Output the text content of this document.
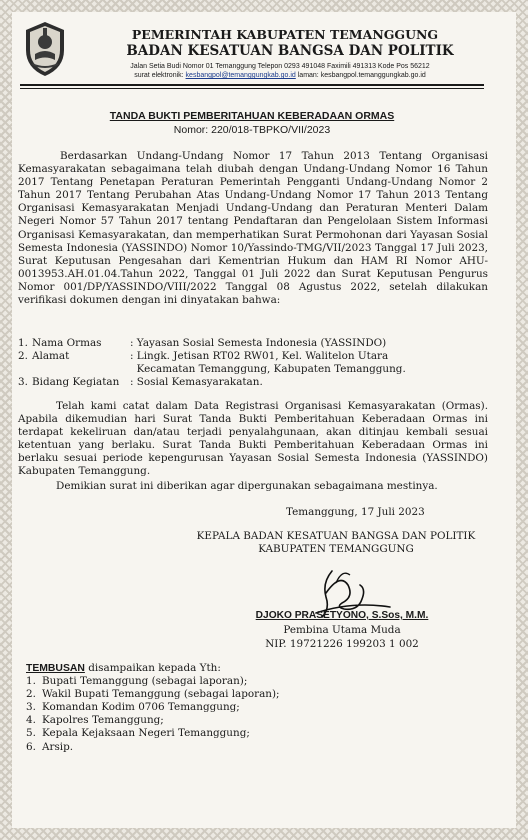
PEMERINTAH KABUPATEN TEMANGGUNG
BADAN KESATUAN BANGSA DAN POLITIK
Jalan Setia Budi Nomor 01 Temanggung Telepon 0293 491048 Faximili 491313 Kode Pos 56212
surat elektronik: kesbangpol@temanggungkab.go.id laman: kesbangpol.temanggungkab.go.id
TANDA BUKTI PEMBERITAHUAN KEBERADAAN ORMAS
Nomor: 220/018-TBPKO/VII/2023

Berdasarkan Undang-Undang Nomor 17 Tahun 2013 Tentang Organisasi Kemasyarakatan sebagaimana telah diubah dengan Undang-Undang Nomor 16 Tahun 2017 Tentang Penetapan Peraturan Pemerintah Pengganti Undang-Undang Nomor 2 Tahun 2017 Tentang Perubahan Atas Undang-Undang Nomor 17 Tahun 2013 Tentang Organisasi Kemasyarakatan Menjadi Undang-Undang dan Peraturan Menteri Dalam Negeri Nomor 57 Tahun 2017 tentang Pendaftaran dan Pengelolaan Sistem Informasi Organisasi Kemasyarakatan, dan memperhatikan Surat Permohonan dari Yayasan Sosial Semesta Indonesia (YASSINDO) Nomor 10/Yassindo-TMG/VII/2023 Tanggal 17 Juli 2023, Surat Keputusan Pengesahan dari Kementrian Hukum dan HAM RI Nomor AHU-0013953.AH.01.04.Tahun 2022, Tanggal 01 Juli 2022 dan Surat Keputusan Pengurus Nomor 001/DP/YASSINDO/VIII/2022 Tanggal 08 Agustus 2022, setelah dilakukan verifikasi dokumen dengan ini dinyatakan bahwa:

1. Nama Ormas	: Yayasan Sosial Semesta Indonesia (YASSINDO)
2. Alamat	: Lingk. Jetisan RT02 RW01, Kel. Walitelon Utara
Kecamatan Temanggung, Kabupaten Temanggung.
3. Bidang Kegiatan	: Sosial Kemasyarakatan.

Telah kami catat dalam Data Registrasi Organisasi Kemasyarakatan (Ormas). Apabila dikemudian hari Surat Tanda Bukti Pemberitahuan Keberadaan Ormas ini terdapat kekeliruan dan/atau terjadi penyalahgunaan, akan ditinjau kembali sesuai ketentuan yang berlaku. Surat Tanda Bukti Pemberitahuan Keberadaan Ormas ini berlaku sesuai periode kepengurusan Yayasan Sosial Semesta Indonesia (YASSINDO) Kabupaten Temanggung.

Demikian surat ini diberikan agar dipergunakan sebagaimana mestinya.

Temanggung, 17 Juli 2023
KEPALA BADAN KESATUAN BANGSA DAN POLITIK
KABUPATEN TEMANGGUNG
DJOKO PRASETYONO, S.Sos, M.M.
Pembina Utama Muda
NIP. 19721226 199203 1 002
TEMBUSAN disampaikan kepada Yth:
1. Bupati Temanggung (sebagai laporan);
2. Wakil Bupati Temanggung (sebagai laporan);
3. Komandan Kodim 0706 Temanggung;
4. Kapolres Temanggung;
5. Kepala Kejaksaan Negeri Temanggung;
6. Arsip.
